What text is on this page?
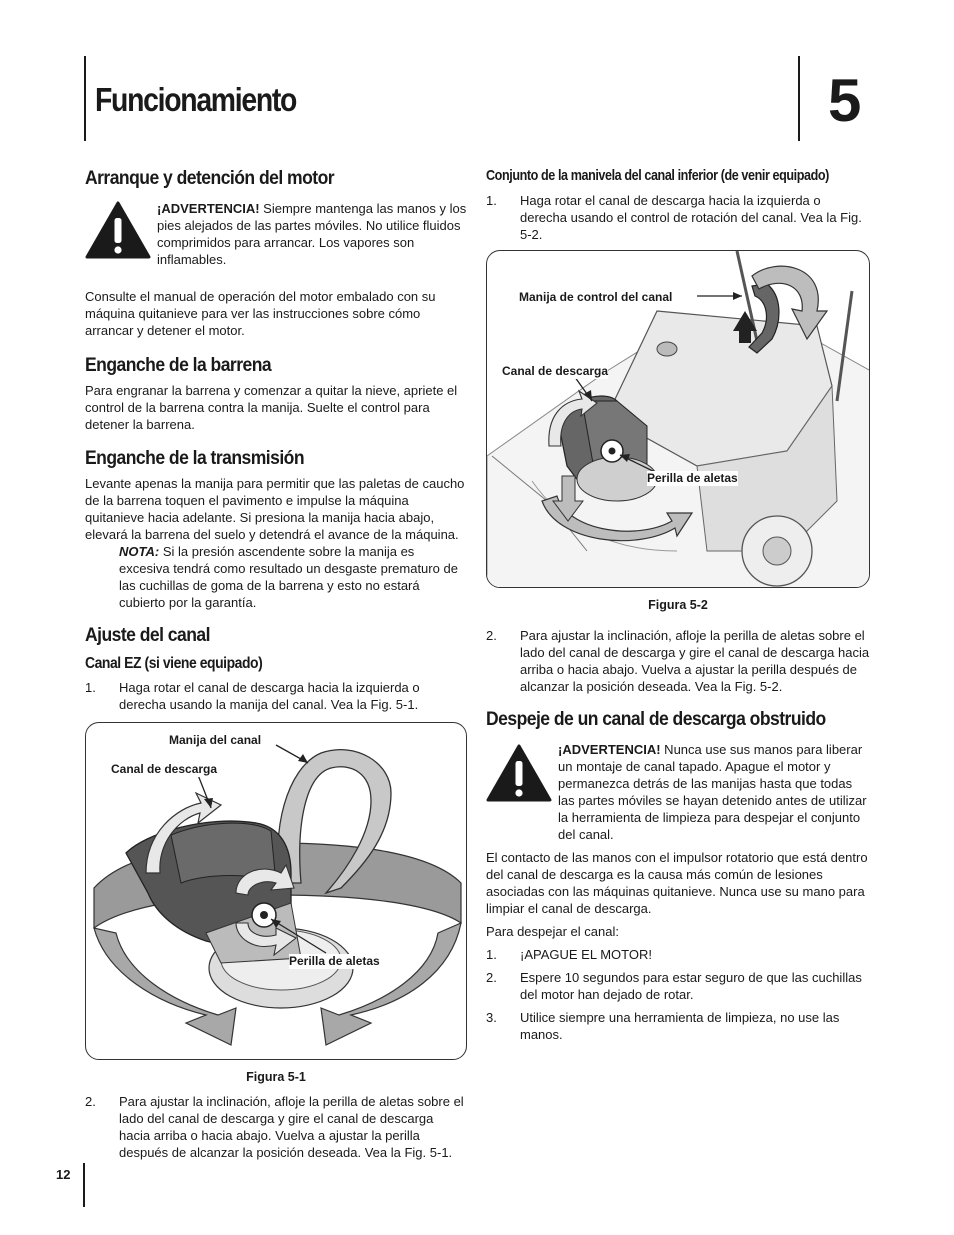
Funcionamiento	5
Arranque y detención del motor

¡ADVERTENCIA! Siempre mantenga las manos y los pies alejados de las partes móviles. No utilice fluidos comprimidos para arrancar. Los vapores son inflamables.

Consulte el manual de operación del motor embalado con su máquina quitanieve para ver las instrucciones sobre cómo arrancar y detener el motor.

Enganche de la barrena

Para engranar la barrena y comenzar a quitar la nieve, apriete el control de la barrena contra la manija. Suelte el control para detener la barrena.

Enganche de la transmisión

Levante apenas la manija para permitir que las paletas de caucho de la barrena toquen el pavimento e impulse la máquina quitanieve hacia adelante. Si presiona la manija hacia abajo, elevará la barrena del suelo y detendrá el avance de la máquina.

NOTA: Si la presión ascendente sobre la manija es excesiva tendrá como resultado un desgaste prematuro de las cuchillas de goma de la barrena y esto no estará cubierto por la garantía.

Ajuste del canal
Canal EZ (si viene equipado)
1.	Haga rotar el canal de descarga hacia la izquierda o derecha usando la manija del canal. Vea la Fig. 5-1.
Manija del canal
Canal de descarga
Perilla de aletas
Figura 5-1
2.	Para ajustar la inclinación, afloje la perilla de aletas sobre el lado del canal de descarga y gire el canal de descarga hacia arriba o hacia abajo. Vuelva a ajustar la perilla después de alcanzar la posición deseada. Vea la Fig. 5-1.
Conjunto de la manivela del canal inferior (de venir equipado)
1.	Haga rotar el canal de descarga hacia la izquierda o derecha usando el control de rotación del canal. Vea la Fig. 5-2.
Manija de control del canal
Canal de descarga
Perilla de aletas
Figura 5-2
2.	Para ajustar la inclinación, afloje la perilla de aletas sobre el lado del canal de descarga y gire el canal de descarga hacia arriba o hacia abajo. Vuelva a ajustar la perilla después de alcanzar la posición deseada. Vea la Fig. 5-2.
Despeje de un canal de descarga obstruido

¡ADVERTENCIA! Nunca use sus manos para liberar un montaje de canal tapado. Apague el motor y permanezca detrás de las manijas hasta que todas las partes móviles se hayan detenido antes de utilizar la herramienta de limpieza para despejar el conjunto del canal.

El contacto de las manos con el impulsor rotatorio que está dentro del canal de descarga es la causa más común de lesiones asociadas con las máquinas quitanieve. Nunca use su mano para limpiar el canal de descarga.

Para despejar el canal:

1.	¡APAGUE EL MOTOR!
2.	Espere 10 segundos para estar seguro de que las cuchillas del motor han dejado de rotar.
3.	Utilice siempre una herramienta de limpieza, no use las manos.
12
